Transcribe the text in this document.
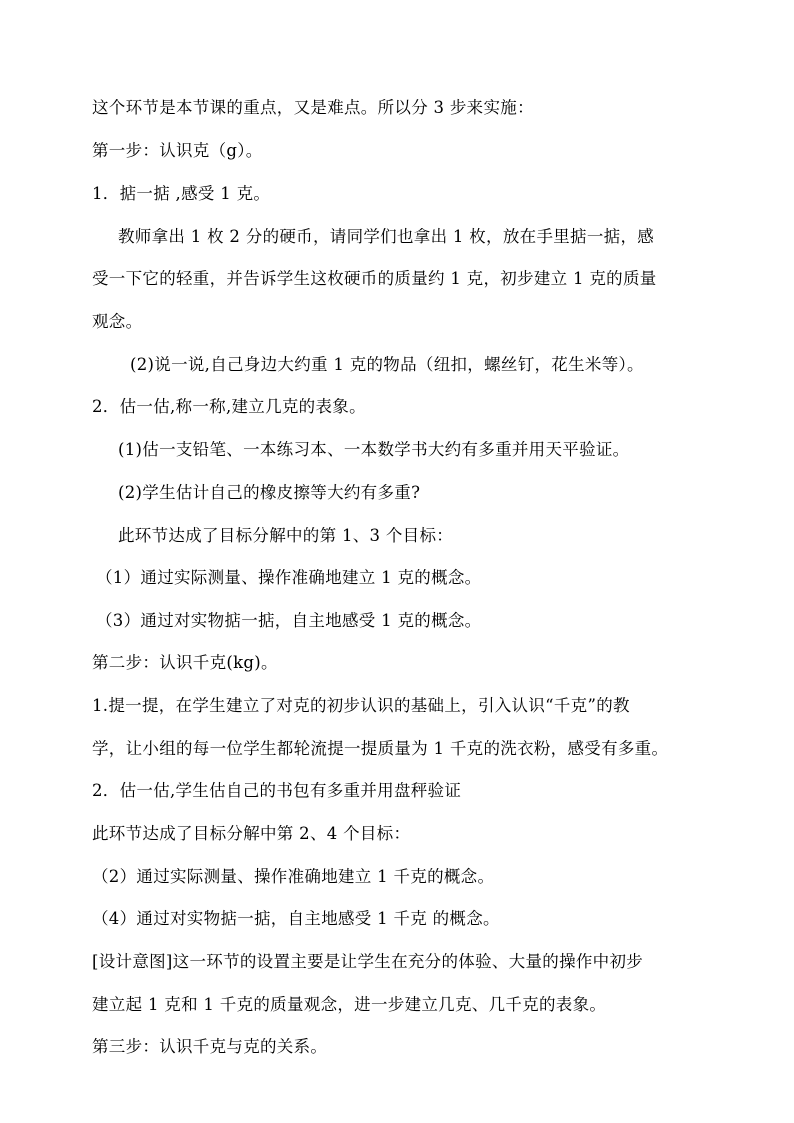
这个环节是本节课的重点，又是难点。所以分 3 步来实施：
第一步：认识克（g）。
1．掂一掂 ,感受 1 克。
教师拿出 1 枚 2 分的硬币，请同学们也拿出 1 枚，放在手里掂一掂，感
受一下它的轻重，并告诉学生这枚硬币的质量约 1 克，初步建立 1 克的质量
观念。
(2)说一说,自己身边大约重 1 克的物品（纽扣，螺丝钉，花生米等）。
2．估一估,称一称,建立几克的表象。
(1)估一支铅笔、一本练习本、一本数学书大约有多重并用天平验证。
(2)学生估计自己的橡皮擦等大约有多重?
此环节达成了目标分解中的第 1、3 个目标：
（1）通过实际测量、操作准确地建立 1 克的概念。
（3）通过对实物掂一掂，自主地感受 1 克的概念。
第二步：认识千克(kg)。
1.提一提，在学生建立了对克的初步认识的基础上，引入认识“千克”的教
学，让小组的每一位学生都轮流提一提质量为 1 千克的洗衣粉，感受有多重。
2．估一估,学生估自己的书包有多重并用盘秤验证
此环节达成了目标分解中第 2、4 个目标：
（2）通过实际测量、操作准确地建立 1 千克的概念。
（4）通过对实物掂一掂，自主地感受 1 千克 的概念。
[设计意图]这一环节的设置主要是让学生在充分的体验、大量的操作中初步
建立起 1 克和 1 千克的质量观念，进一步建立几克、几千克的表象。
第三步：认识千克与克的关系。
